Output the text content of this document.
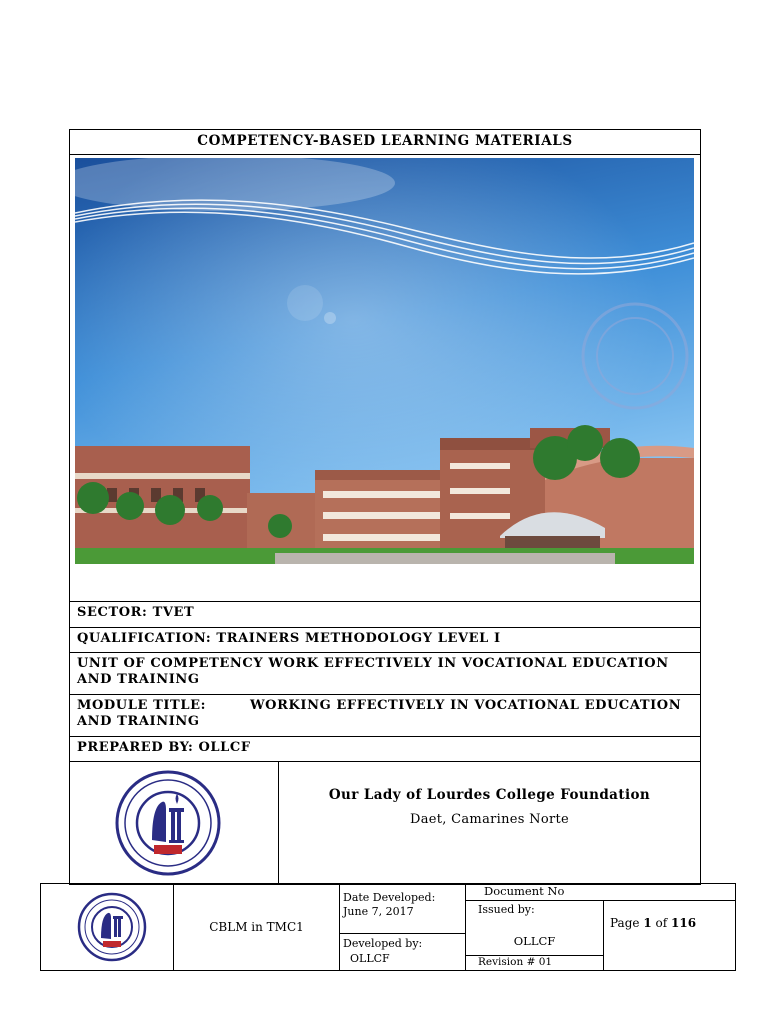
COMPETENCY-BASED LEARNING MATERIALS
SECTOR: TVET
QUALIFICATION: TRAINERS METHODOLOGY LEVEL I
UNIT OF COMPETENCY WORK EFFECTIVELY IN VOCATIONAL EDUCATION AND TRAINING
MODULE TITLE:	WORKING EFFECTIVELY IN VOCATIONAL EDUCATION AND TRAINING
PREPARED BY: OLLCF
Our Lady of Lourdes College Foundation
Daet, Camarines Norte
CBLM in TMC1
Date Developed:
June 7, 2017
Developed by:
OLLCF
Document No
Issued by:
OLLCF
Revision # 01
Page 1 of 116
